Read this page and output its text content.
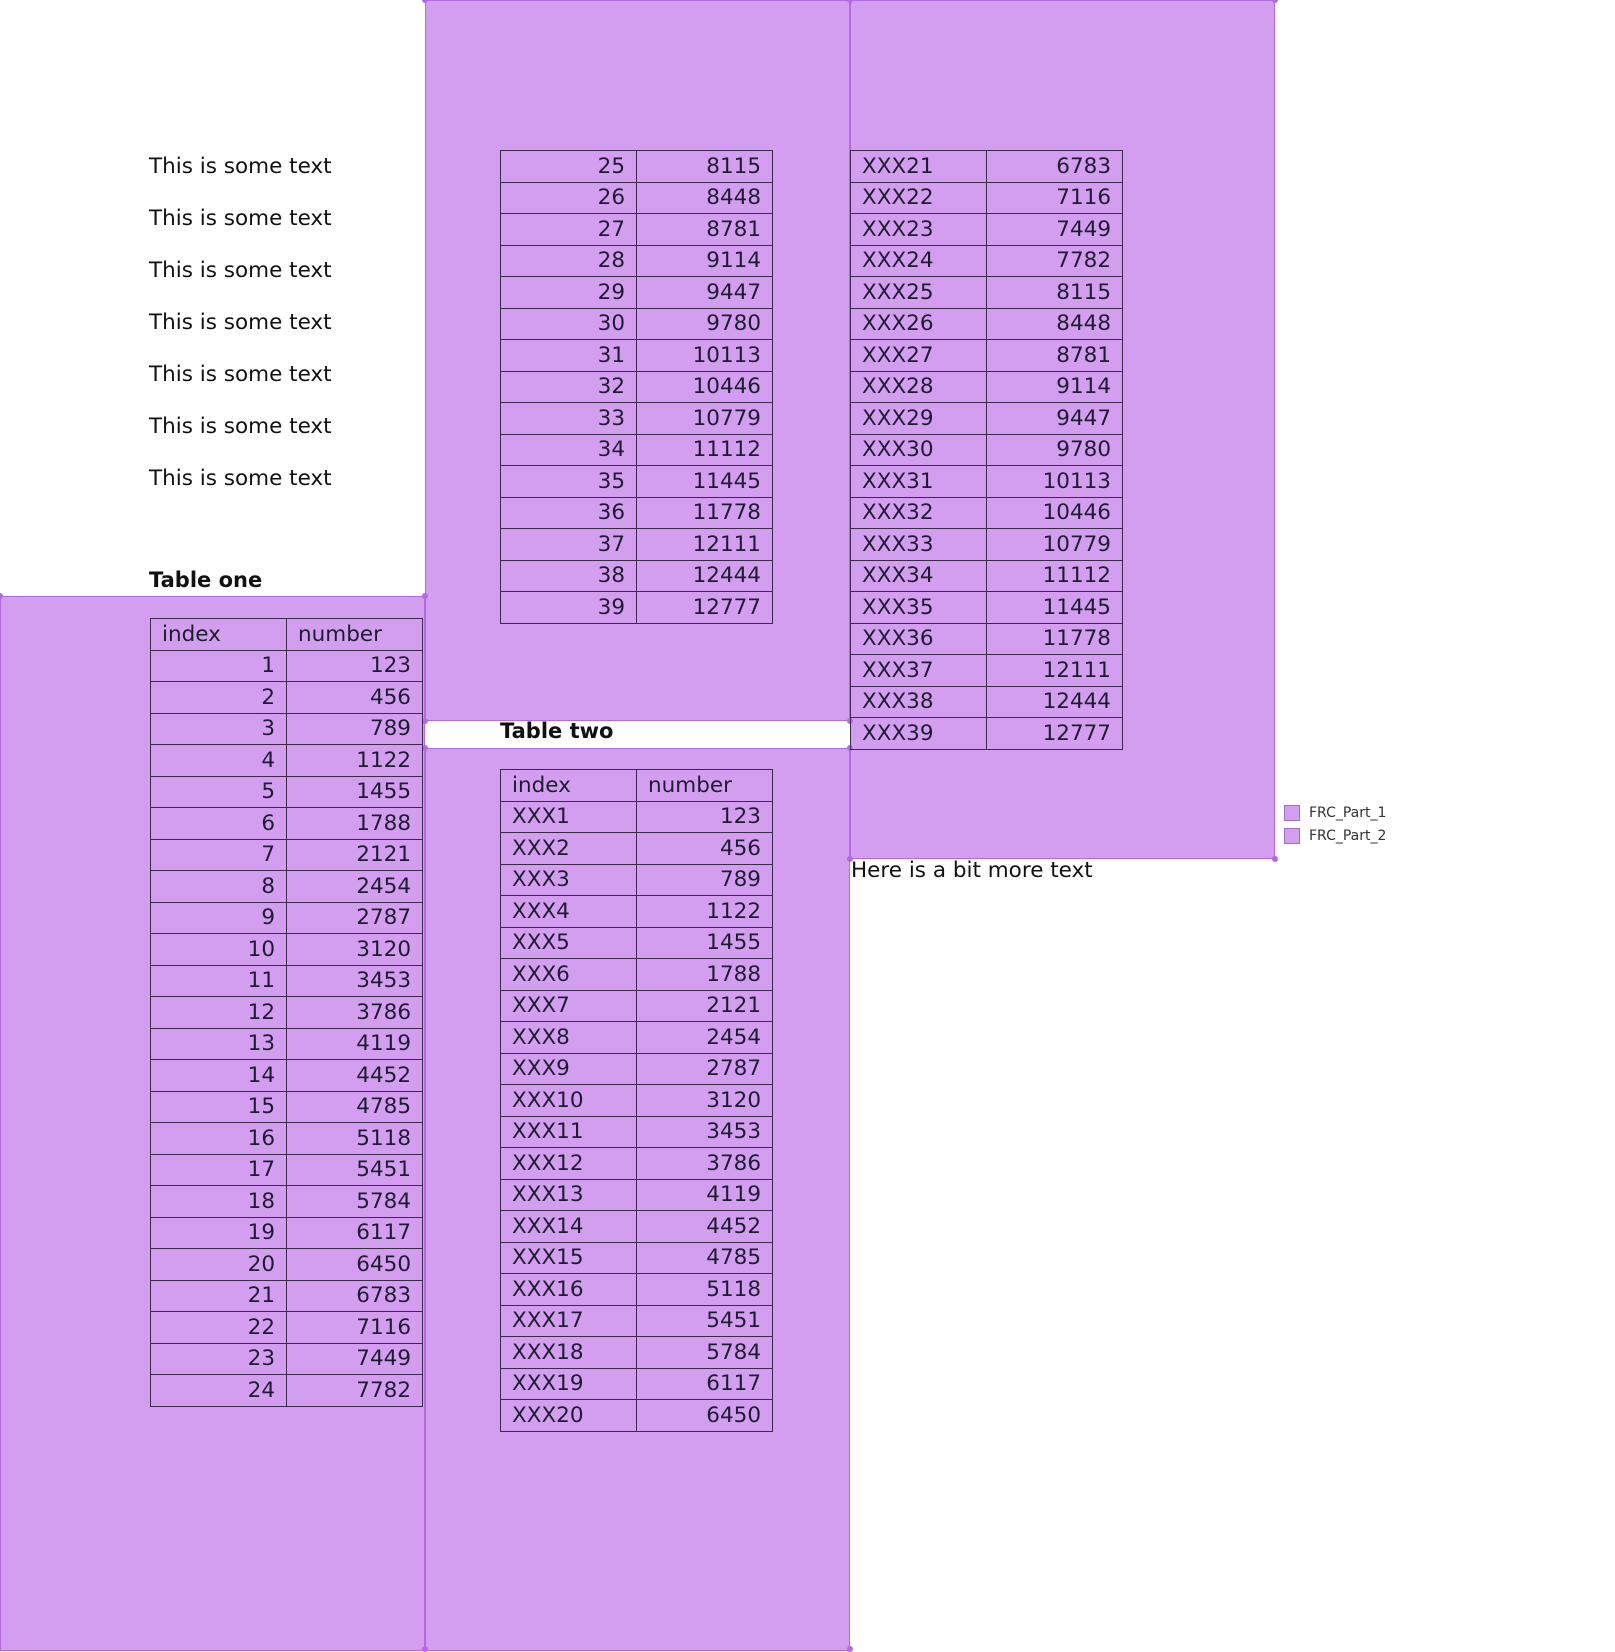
This is some text
This is some text
This is some text
This is some text
This is some text
This is some text
This is some text
Table one
index	number
1	123
2	456
3	789
4	1122
5	1455
6	1788
7	2121
8	2454
9	2787
10	3120
11	3453
12	3786
13	4119
14	4452
15	4785
16	5118
17	5451
18	5784
19	6117
20	6450
21	6783
22	7116
23	7449
24	7782
25	8115
26	8448
27	8781
28	9114
29	9447
30	9780
31	10113
32	10446
33	10779
34	11112
35	11445
36	11778
37	12111
38	12444
39	12777
Table two
index	number
XXX1	123
XXX2	456
XXX3	789
XXX4	1122
XXX5	1455
XXX6	1788
XXX7	2121
XXX8	2454
XXX9	2787
XXX10	3120
XXX11	3453
XXX12	3786
XXX13	4119
XXX14	4452
XXX15	4785
XXX16	5118
XXX17	5451
XXX18	5784
XXX19	6117
XXX20	6450
XXX21	6783
XXX22	7116
XXX23	7449
XXX24	7782
XXX25	8115
XXX26	8448
XXX27	8781
XXX28	9114
XXX29	9447
XXX30	9780
XXX31	10113
XXX32	10446
XXX33	10779
XXX34	11112
XXX35	11445
XXX36	11778
XXX37	12111
XXX38	12444
XXX39	12777
Here is a bit more text
FRC_Part_1
FRC_Part_2
